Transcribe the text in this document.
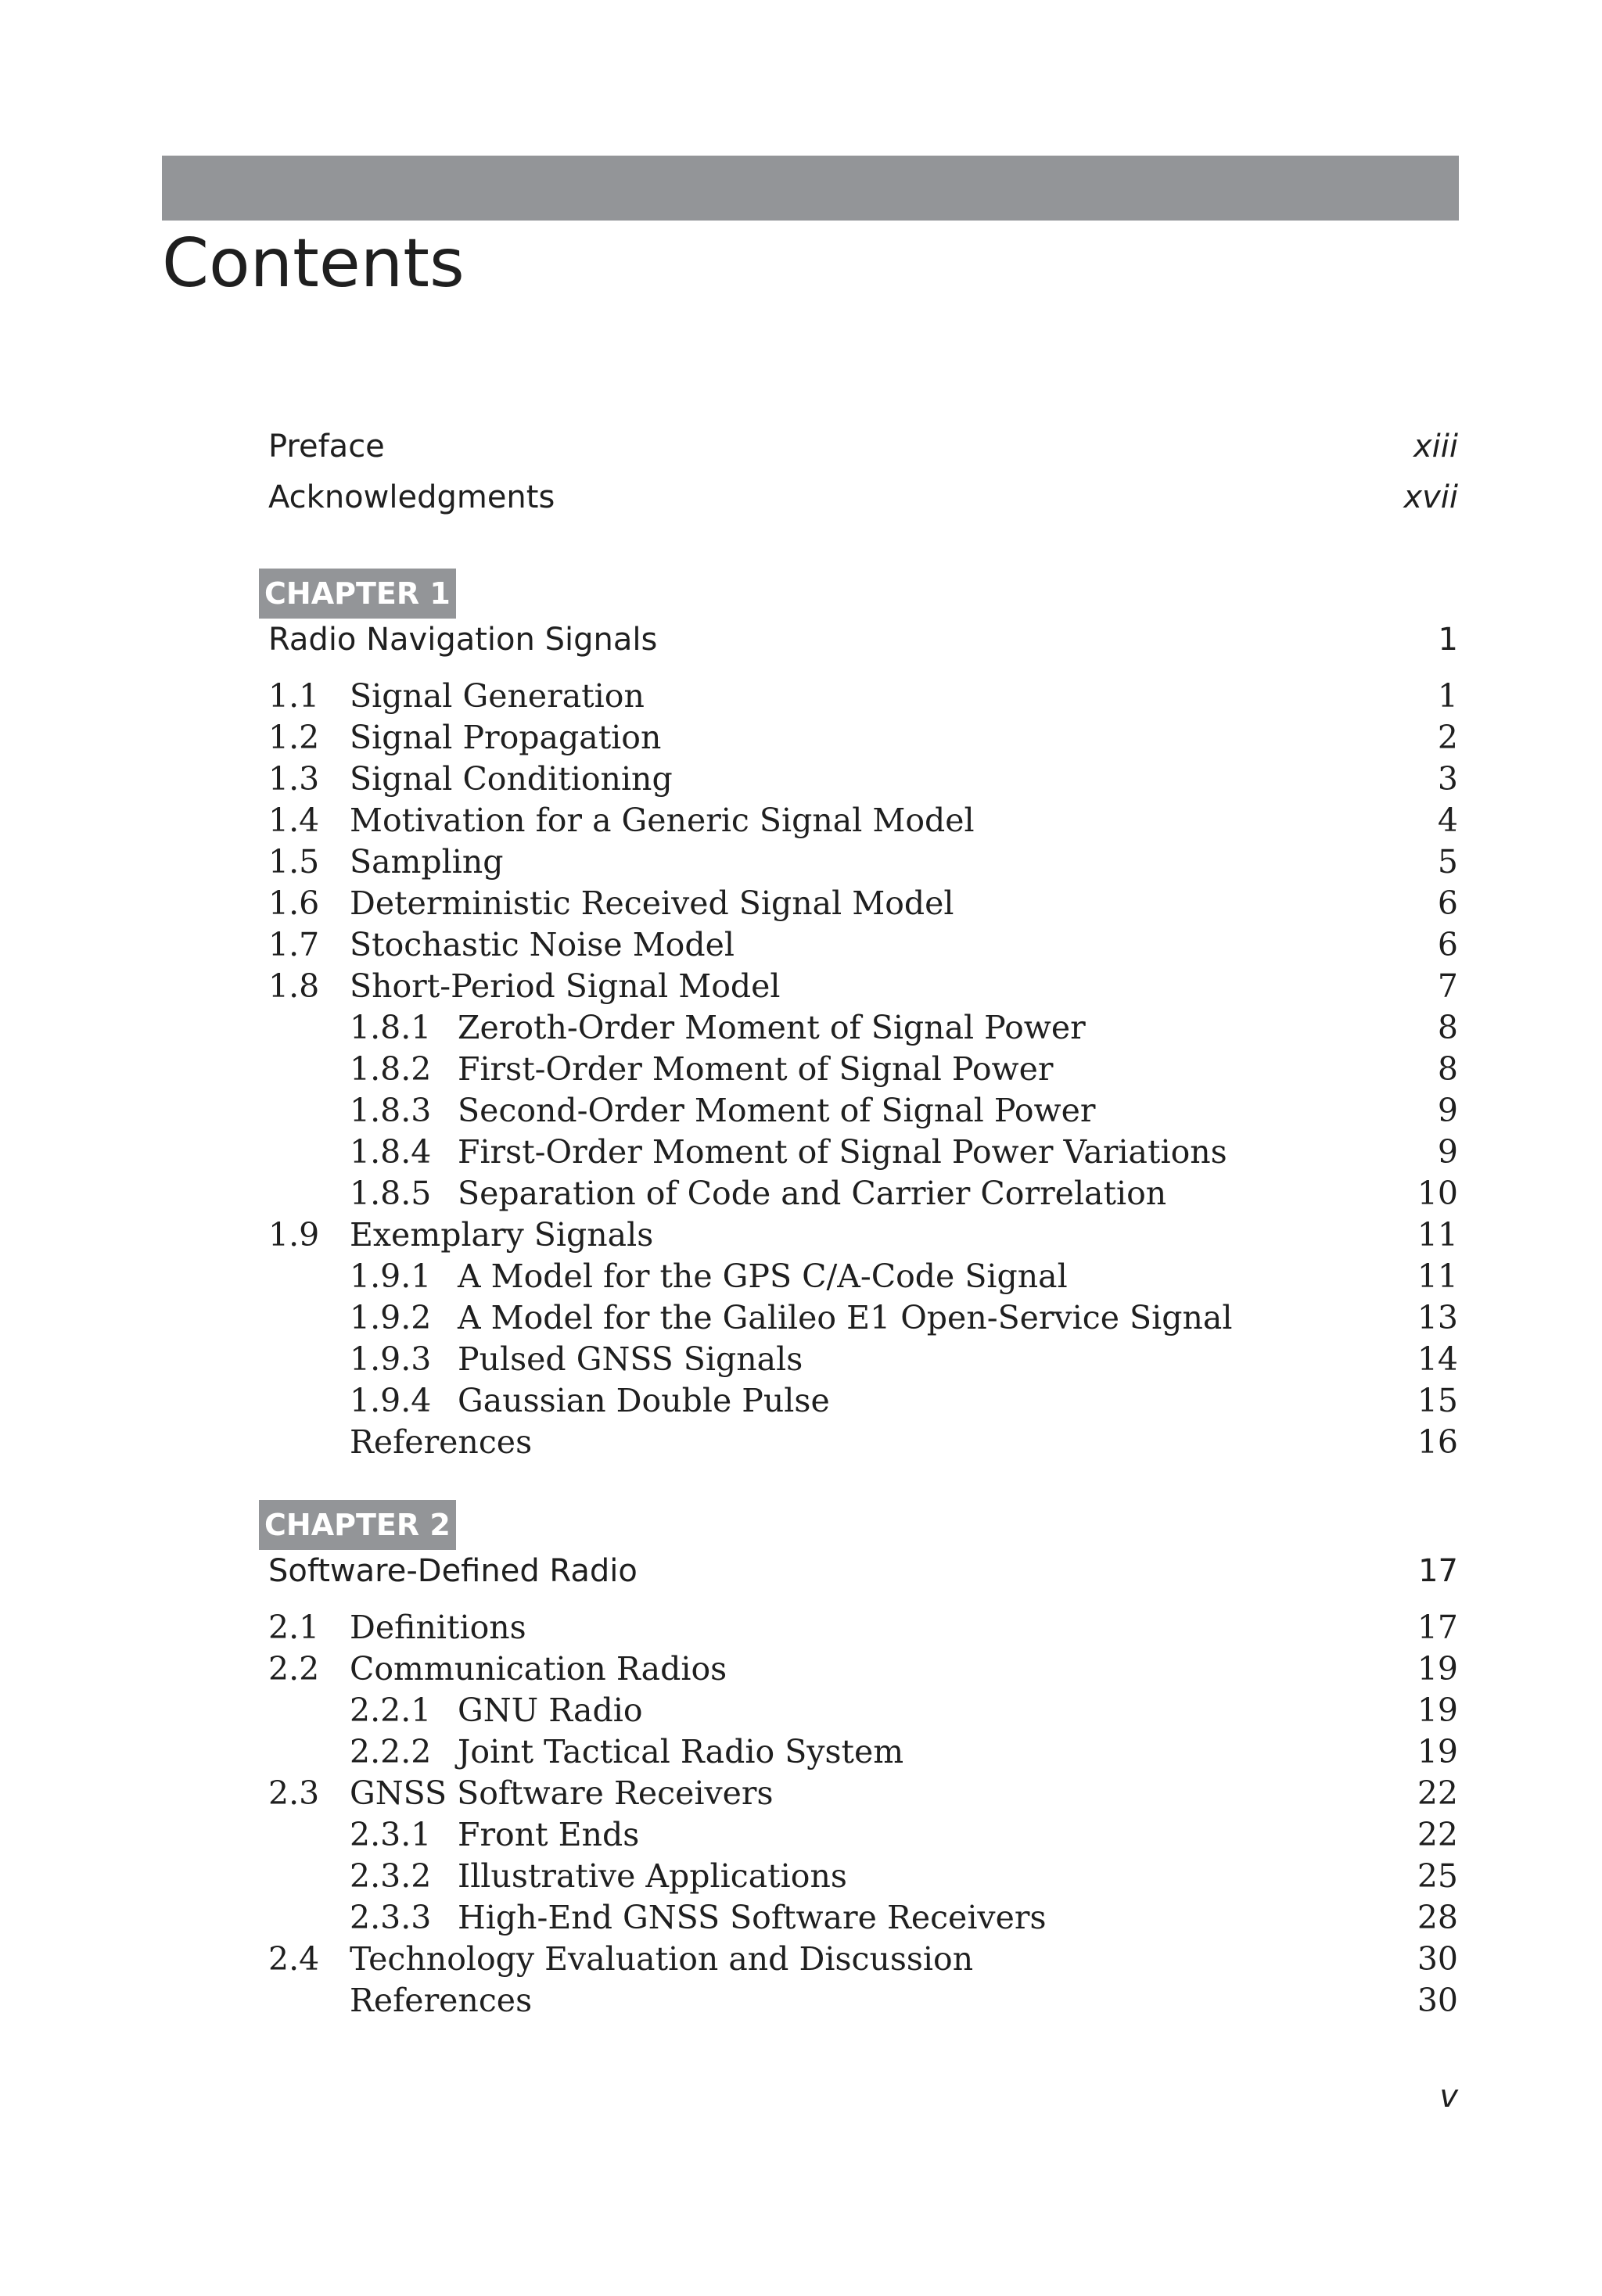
Contents
Preface	xiii
Acknowledgments	xvii
CHAPTER 1
Radio Navigation Signals	1
1.1 Signal Generation	1
1.2 Signal Propagation	2
1.3 Signal Conditioning	3
1.4 Motivation for a Generic Signal Model	4
1.5 Sampling	5
1.6 Deterministic Received Signal Model	6
1.7 Stochastic Noise Model	6
1.8 Short-Period Signal Model	7
1.8.1 Zeroth-Order Moment of Signal Power	8
1.8.2 First-Order Moment of Signal Power	8
1.8.3 Second-Order Moment of Signal Power	9
1.8.4 First-Order Moment of Signal Power Variations	9
1.8.5 Separation of Code and Carrier Correlation	10
1.9 Exemplary Signals	11
1.9.1 A Model for the GPS C/A-Code Signal	11
1.9.2 A Model for the Galileo E1 Open-Service Signal	13
1.9.3 Pulsed GNSS Signals	14
1.9.4 Gaussian Double Pulse	15
References	16
CHAPTER 2
Software-Defined Radio	17
2.1 Definitions	17
2.2 Communication Radios	19
2.2.1 GNU Radio	19
2.2.2 Joint Tactical Radio System	19
2.3 GNSS Software Receivers	22
2.3.1 Front Ends	22
2.3.2 Illustrative Applications	25
2.3.3 High-End GNSS Software Receivers	28
2.4 Technology Evaluation and Discussion	30
References	30
v
